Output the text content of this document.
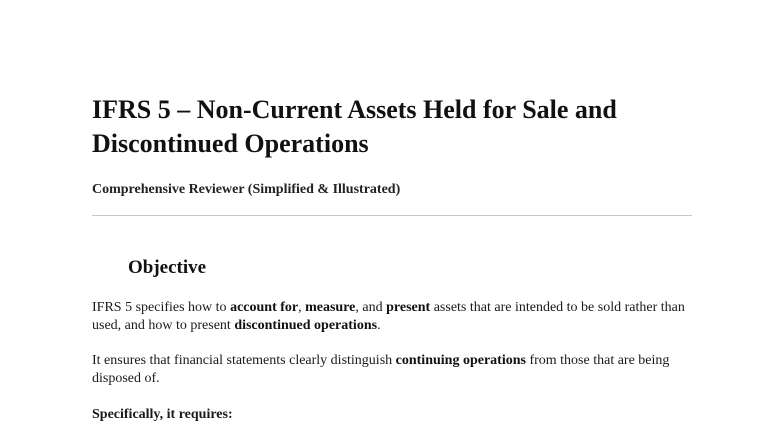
IFRS 5 – Non-Current Assets Held for Sale and Discontinued Operations

Comprehensive Reviewer (Simplified & Illustrated)

Objective

IFRS 5 specifies how to account for, measure, and present assets that are intended to be sold rather than used, and how to present discontinued operations.

It ensures that financial statements clearly distinguish continuing operations from those that are being disposed of.

Specifically, it requires:
